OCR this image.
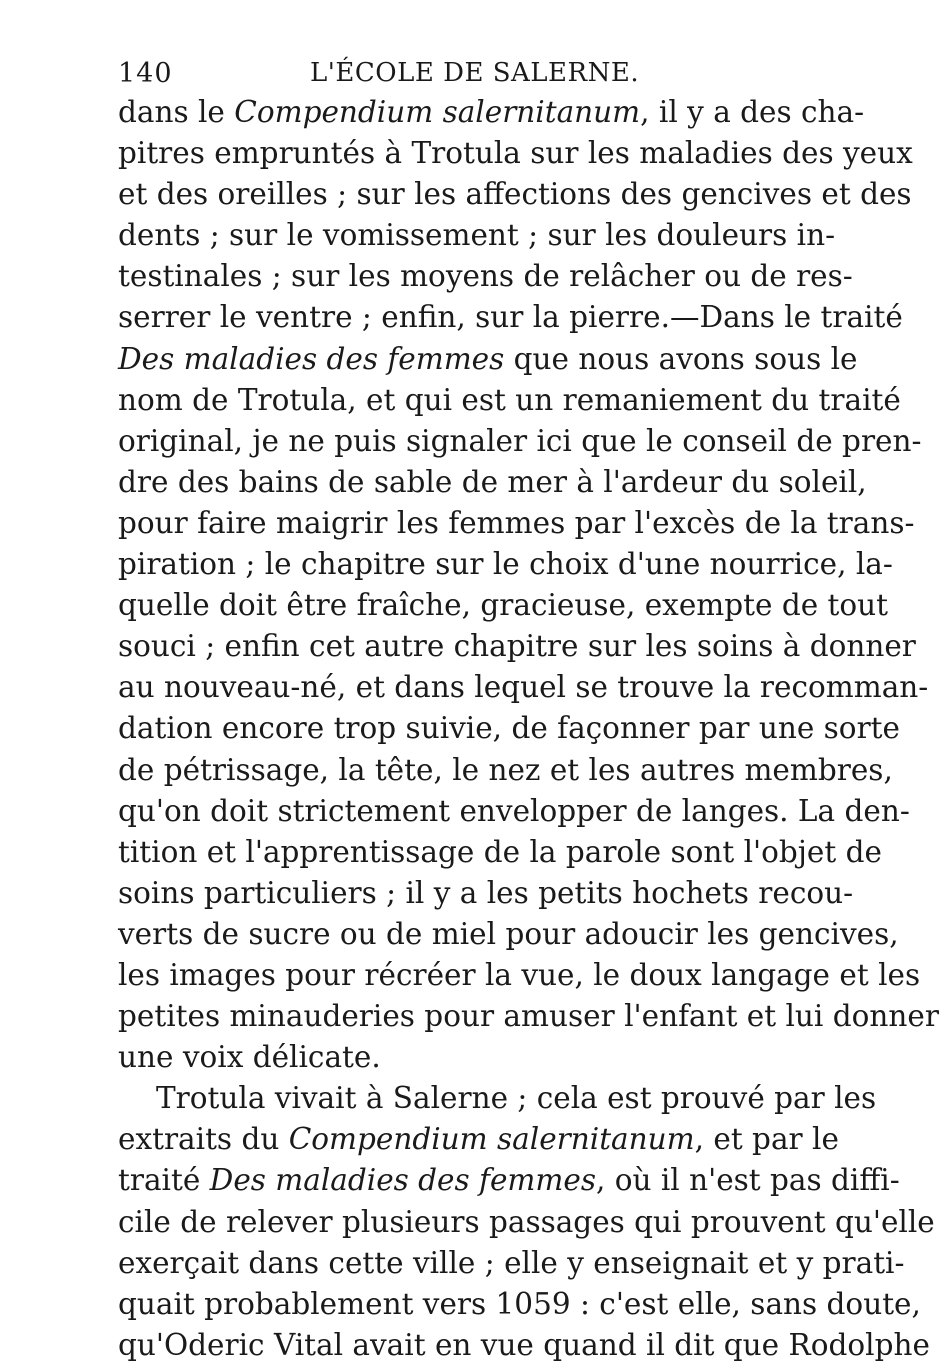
140	L'ÉCOLE DE SALERNE.
dans le Compendium salernitanum, il y a des cha-
pitres empruntés à Trotula sur les maladies des yeux
et des oreilles ; sur les affections des gencives et des
dents ; sur le vomissement ; sur les douleurs in-
testinales ; sur les moyens de relâcher ou de res-
serrer le ventre ; enfin, sur la pierre.—Dans le traité
Des maladies des femmes que nous avons sous le
nom de Trotula, et qui est un remaniement du traité
original, je ne puis signaler ici que le conseil de pren-
dre des bains de sable de mer à l'ardeur du soleil,
pour faire maigrir les femmes par l'excès de la trans-
piration ; le chapitre sur le choix d'une nourrice, la-
quelle doit être fraîche, gracieuse, exempte de tout
souci ; enfin cet autre chapitre sur les soins à donner
au nouveau-né, et dans lequel se trouve la recomman-
dation encore trop suivie, de façonner par une sorte
de pétrissage, la tête, le nez et les autres membres,
qu'on doit strictement envelopper de langes. La den-
tition et l'apprentissage de la parole sont l'objet de
soins particuliers ; il y a les petits hochets recou-
verts de sucre ou de miel pour adoucir les gencives,
les images pour récréer la vue, le doux langage et les
petites minauderies pour amuser l'enfant et lui donner
une voix délicate.
Trotula vivait à Salerne ; cela est prouvé par les
extraits du Compendium salernitanum, et par le
traité Des maladies des femmes, où il n'est pas diffi-
cile de relever plusieurs passages qui prouvent qu'elle
exerçait dans cette ville ; elle y enseignait et y prati-
quait probablement vers 1059 : c'est elle, sans doute,
qu'Oderic Vital avait en vue quand il dit que Rodolphe
